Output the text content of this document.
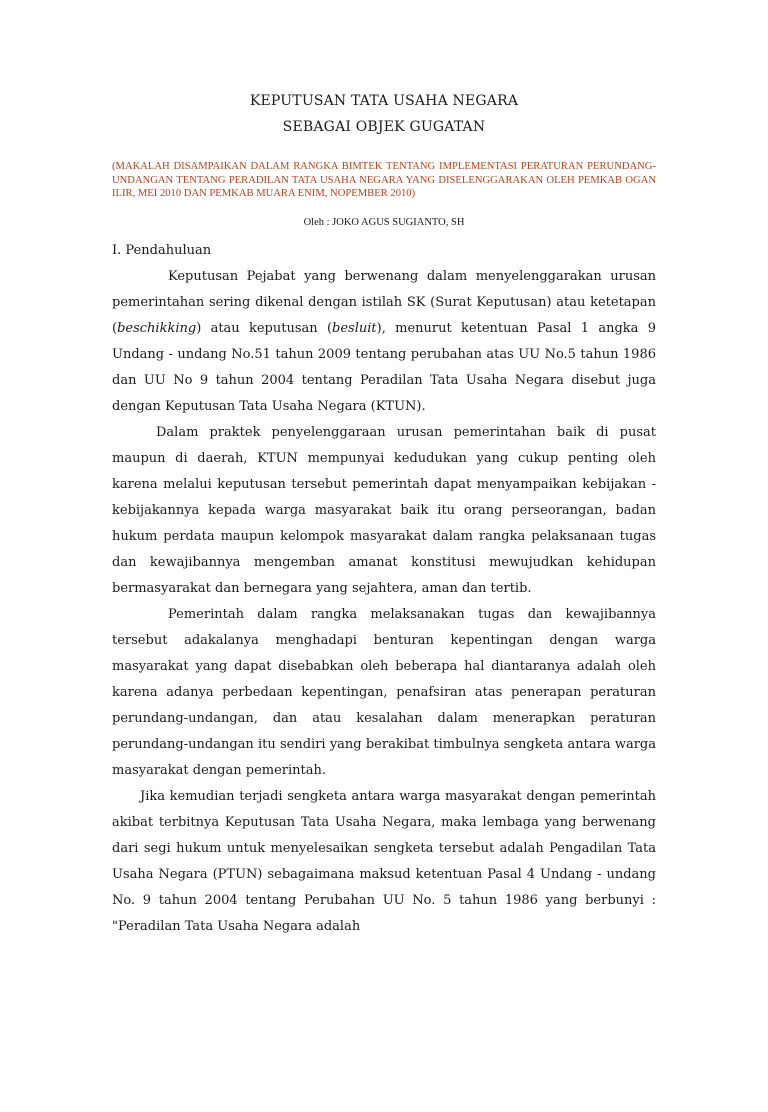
KEPUTUSAN TATA USAHA NEGARA
SEBAGAI OBJEK GUGATAN
(MAKALAH DISAMPAIKAN DALAM RANGKA BIMTEK TENTANG IMPLEMENTASI PERATURAN PERUNDANG-UNDANGAN TENTANG PERADILAN TATA USAHA NEGARA YANG DISELENGGARAKAN OLEH PEMKAB OGAN ILIR, MEI 2010 DAN PEMKAB MUARA ENIM, NOPEMBER 2010)
Oleh : JOKO AGUS SUGIANTO, SH
I. Pendahuluan

Keputusan Pejabat yang berwenang dalam menyelenggarakan urusan pemerintahan sering dikenal dengan istilah SK (Surat Keputusan) atau ketetapan (beschikking) atau keputusan (besluit), menurut ketentuan Pasal 1 angka 9 Undang - undang No.51 tahun 2009 tentang perubahan atas UU No.5 tahun 1986 dan UU No 9 tahun 2004 tentang Peradilan Tata Usaha Negara disebut juga dengan Keputusan Tata Usaha Negara (KTUN).

Dalam praktek penyelenggaraan urusan pemerintahan baik di pusat maupun di daerah, KTUN mempunyai kedudukan yang cukup penting oleh karena melalui keputusan tersebut pemerintah dapat menyampaikan kebijakan - kebijakannya kepada warga masyarakat baik itu orang perseorangan, badan hukum perdata maupun kelompok masyarakat dalam rangka pelaksanaan tugas dan kewajibannya mengemban amanat konstitusi mewujudkan kehidupan bermasyarakat dan bernegara yang sejahtera, aman dan tertib.

Pemerintah dalam rangka melaksanakan tugas dan kewajibannya tersebut adakalanya menghadapi benturan kepentingan dengan warga masyarakat yang dapat disebabkan oleh beberapa hal diantaranya adalah oleh karena adanya perbedaan kepentingan, penafsiran atas penerapan peraturan perundang-undangan, dan atau kesalahan dalam menerapkan peraturan perundang-undangan itu sendiri yang berakibat timbulnya sengketa antara warga masyarakat dengan pemerintah.

Jika kemudian terjadi sengketa antara warga masyarakat dengan pemerintah akibat terbitnya Keputusan Tata Usaha Negara, maka lembaga yang berwenang dari segi hukum untuk menyelesaikan sengketa tersebut adalah Pengadilan Tata Usaha Negara (PTUN) sebagaimana maksud ketentuan Pasal 4 Undang - undang No. 9 tahun 2004 tentang Perubahan UU No. 5 tahun 1986 yang berbunyi : "Peradilan Tata Usaha Negara adalah
